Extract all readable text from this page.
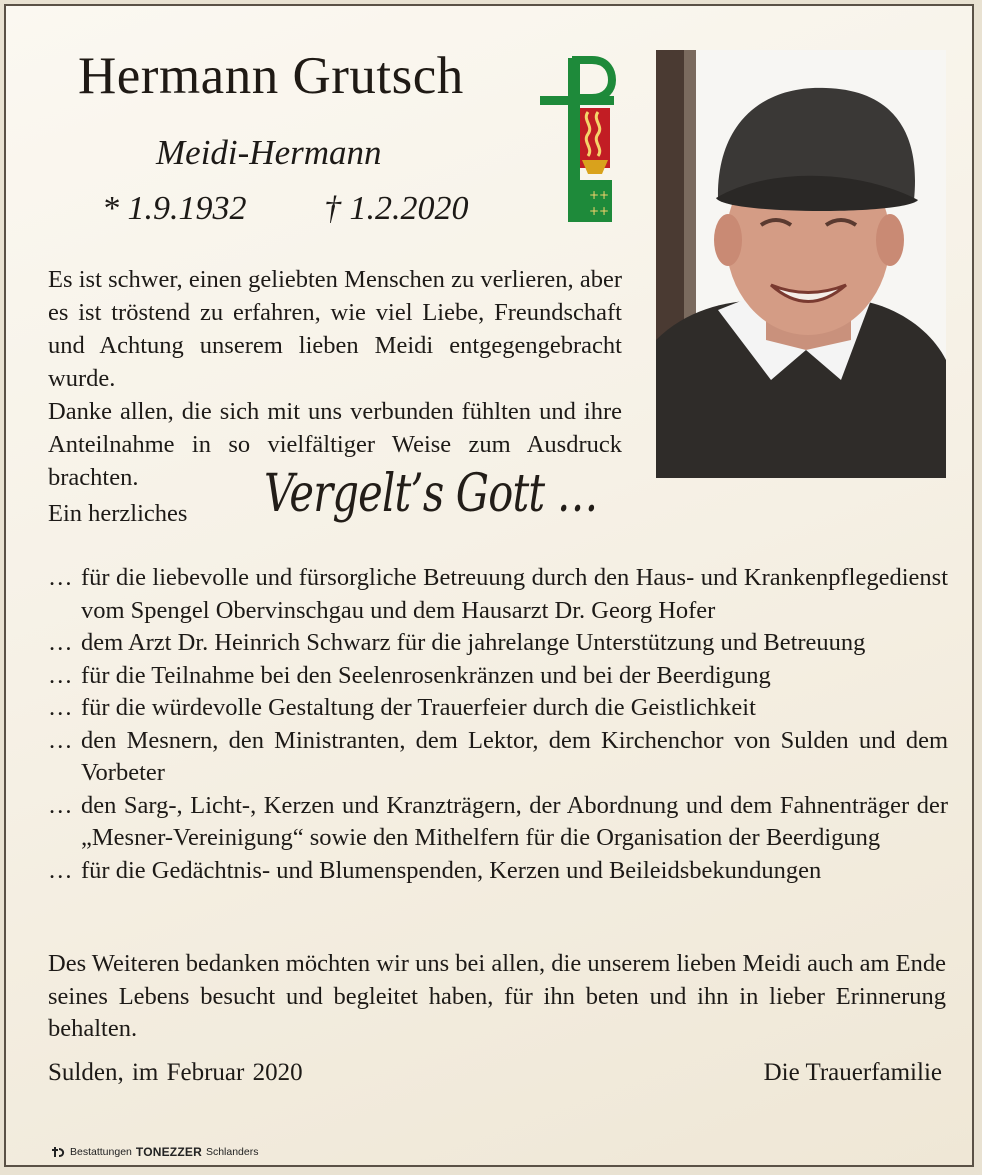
Hermann Grutsch
Meidi-Hermann
* 1.9.1932 † 1.2.2020	+ +
+ +

Es ist schwer, einen geliebten Menschen zu verlieren, aber es ist tröstend zu erfahren, wie viel Liebe, Freundschaft und Achtung unserem lieben Meidi entgegengebracht wurde.

Danke allen, die sich mit uns verbunden fühlten und ihre Anteilnahme in so vielfältiger Weise zum Ausdruck brachten.

Ein herzliches Vergelt’s Gott …
… für die liebevolle und fürsorgliche Betreuung durch den Haus- und Krankenpflegedienst vom Spengel Obervinschgau und dem Hausarzt Dr. Georg Hofer
… dem Arzt Dr. Heinrich Schwarz für die jahrelange Unterstützung und Betreuung
… für die Teilnahme bei den Seelenrosenkränzen und bei der Beerdigung
… für die würdevolle Gestaltung der Trauerfeier durch die Geistlichkeit
… den Mesnern, den Ministranten, dem Lektor, dem Kirchenchor von Sulden und dem Vorbeter
… den Sarg-, Licht-, Kerzen und Kranzträgern, der Abordnung und dem Fahnenträger der „Mesner-Vereinigung“ sowie den Mithelfern für die Organisation der Beerdigung
… für die Gedächtnis- und Blumenspenden, Kerzen und Beileidsbekundungen
Des Weiteren bedanken möchten wir uns bei allen, die unserem lieben Meidi auch am Ende seines Lebens besucht und begleitet haben, für ihn beten und ihn in lieber Erinnerung behalten.
Sulden, im Februar 2020	Die Trauerfamilie
Bestattungen TONEZZER Schlanders
